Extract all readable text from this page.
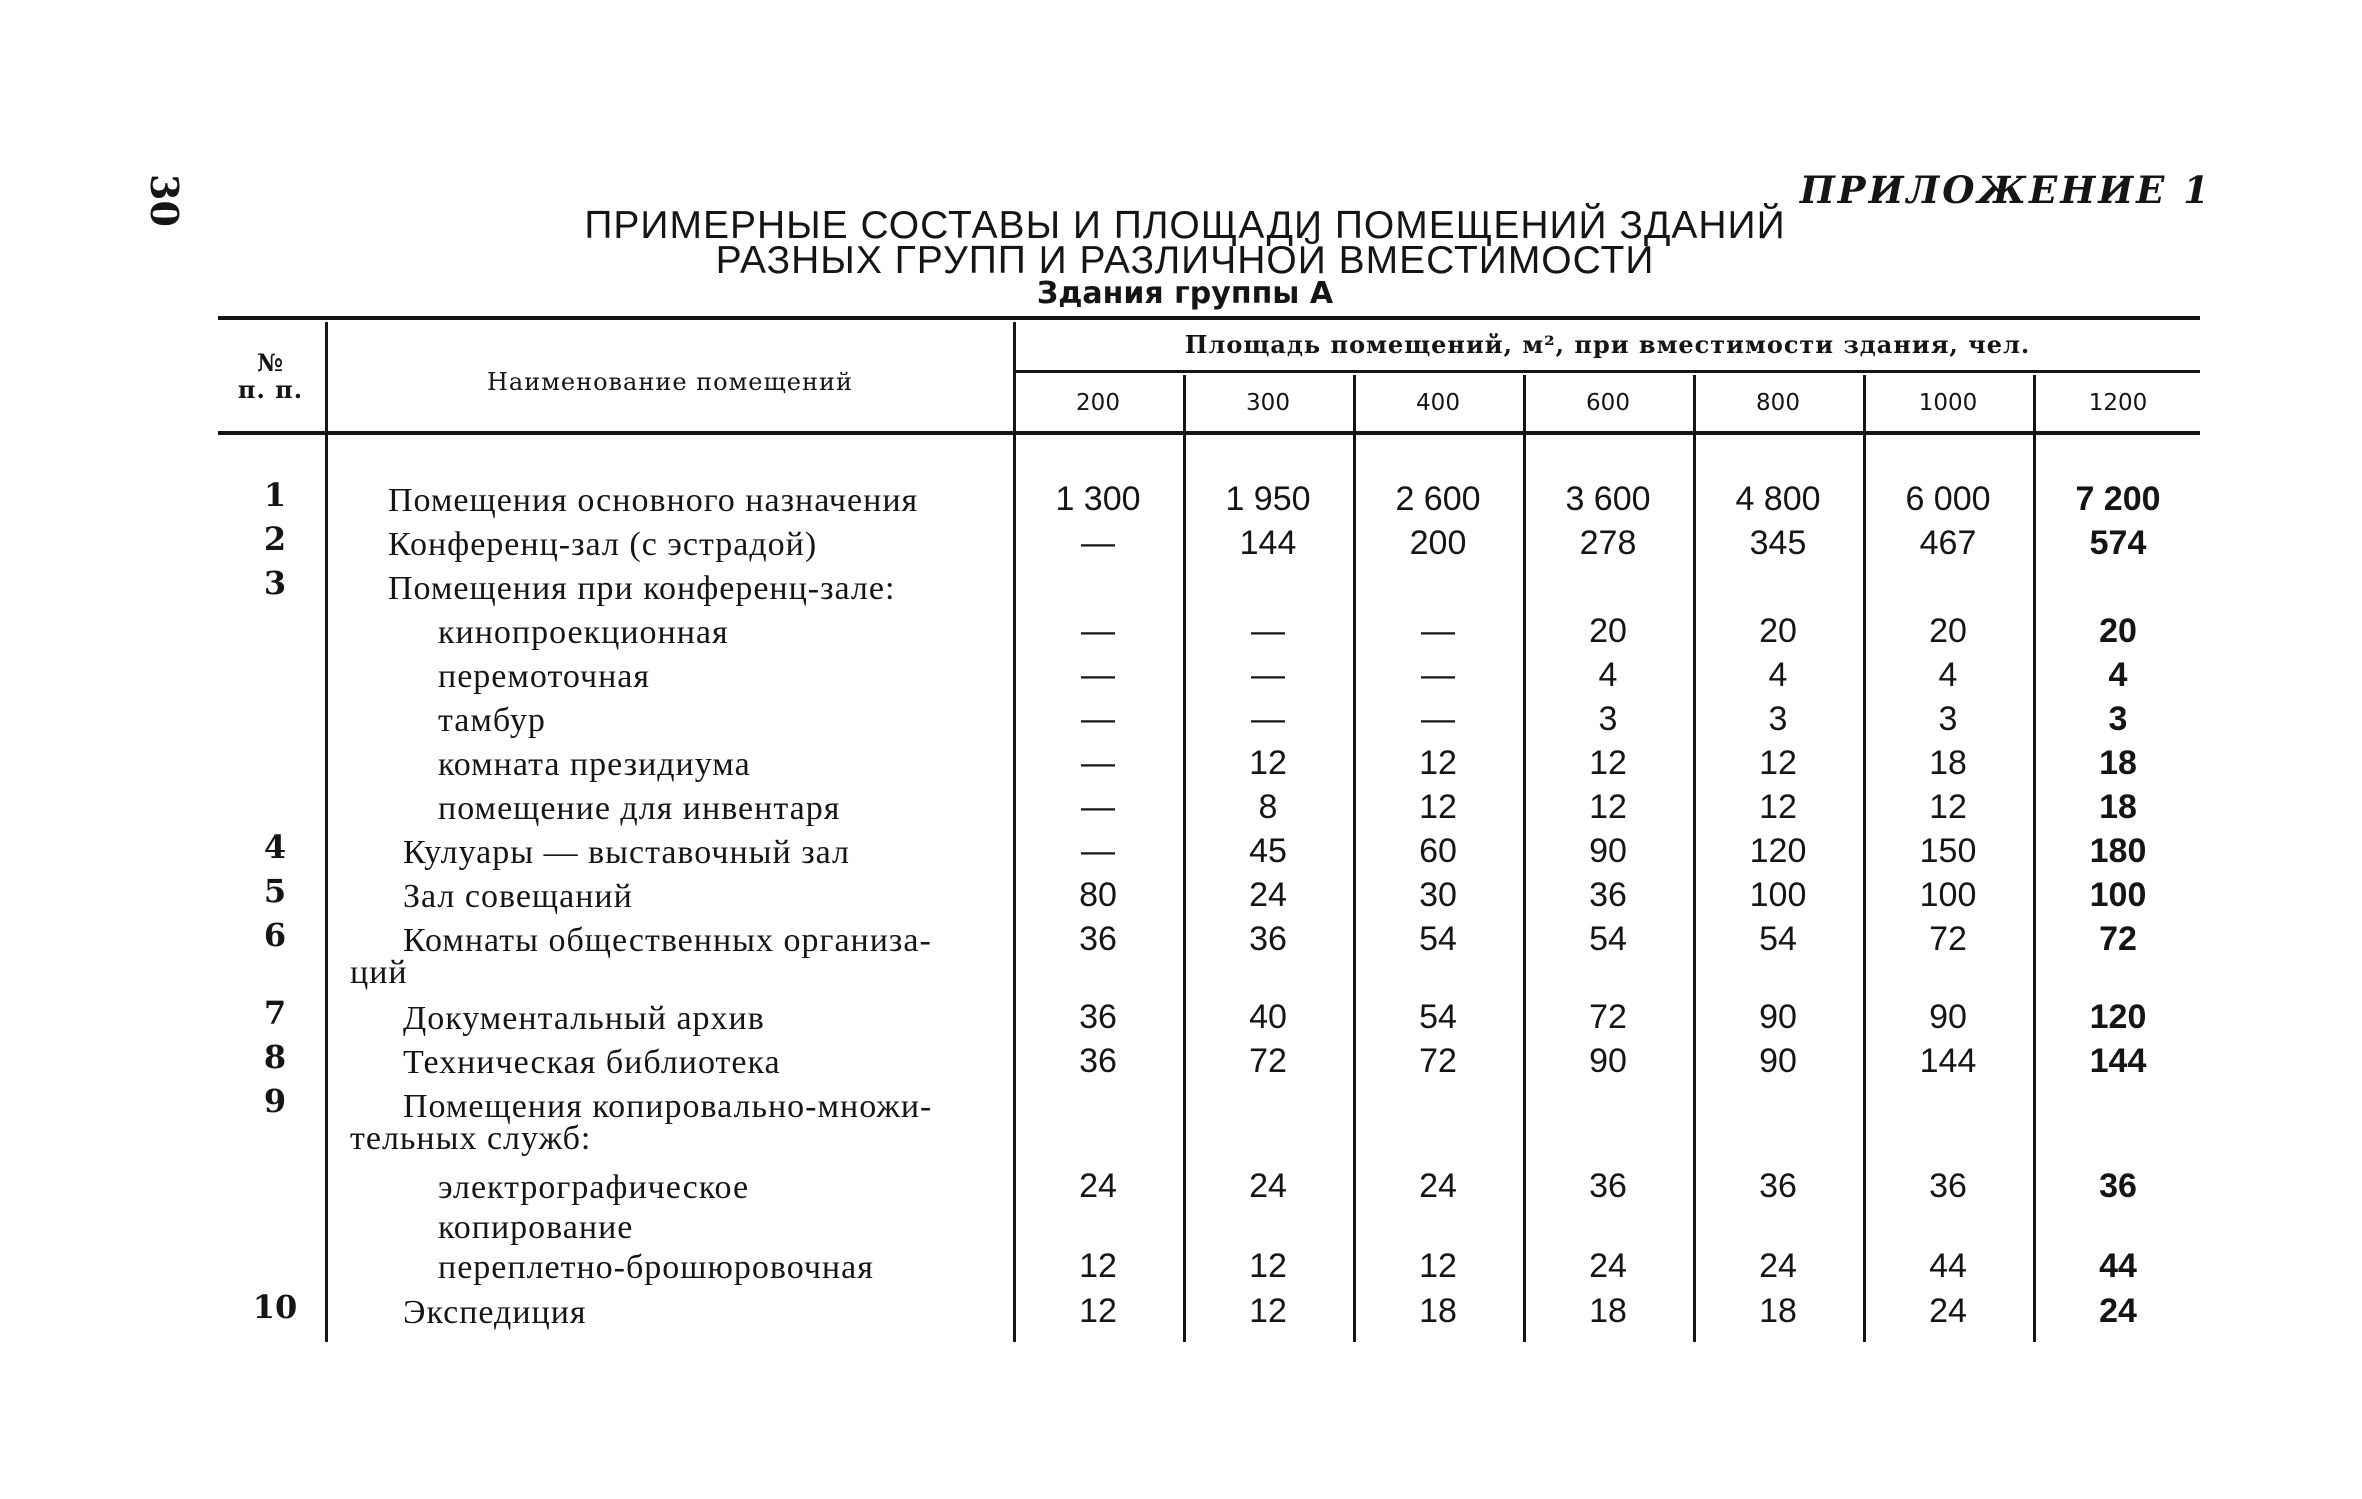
30	ПРИЛОЖЕНИЕ 1
ПРИМЕРНЫЕ СОСТАВЫ И ПЛОЩАДИ ПОМЕЩЕНИЙ ЗДАНИЙ
РАЗНЫХ ГРУПП И РАЗЛИЧНОЙ ВМЕСТИМОСТИ
Здания группы А
№
п. п.	Наименование помещений
Площадь помещений, м², при вместимости здания, чел.
200	300	400	600	800	1000	1200
1	Помещения основного назначения	1 300	1 950	2 600	3 600	4 800	6 000	7 200
2	Конференц-зал (с эстрадой)	—	144	200	278	345	467	574
3	Помещения при конференц-зале:
кинопроекционная	—	—	—	20	20	20	20
перемоточная	—	—	—	4	4	4	4
тамбур	—	—	—	3	3	3	3
комната президиума	—	12	12	12	12	18	18
помещение для инвентаря	—	8	12	12	12	12	18
4	Кулуары — выставочный зал	—	45	60	90	120	150	180
5	Зал совещаний	80	24	30	36	100	100	100
6	Комнаты общественных организа-	36	36	54	54	54	72	72
ций
7	Документальный архив	36	40	54	72	90	90	120
8	Техническая библиотека	36	72	72	90	90	144	144
9	Помещения копировально-множи-
тельных служб:
электрографическое	24	24	24	36	36	36	36
копирование
переплетно-брошюровочная	12	12	12	24	24	44	44
10	Экспедиция	12	12	18	18	18	24	24
